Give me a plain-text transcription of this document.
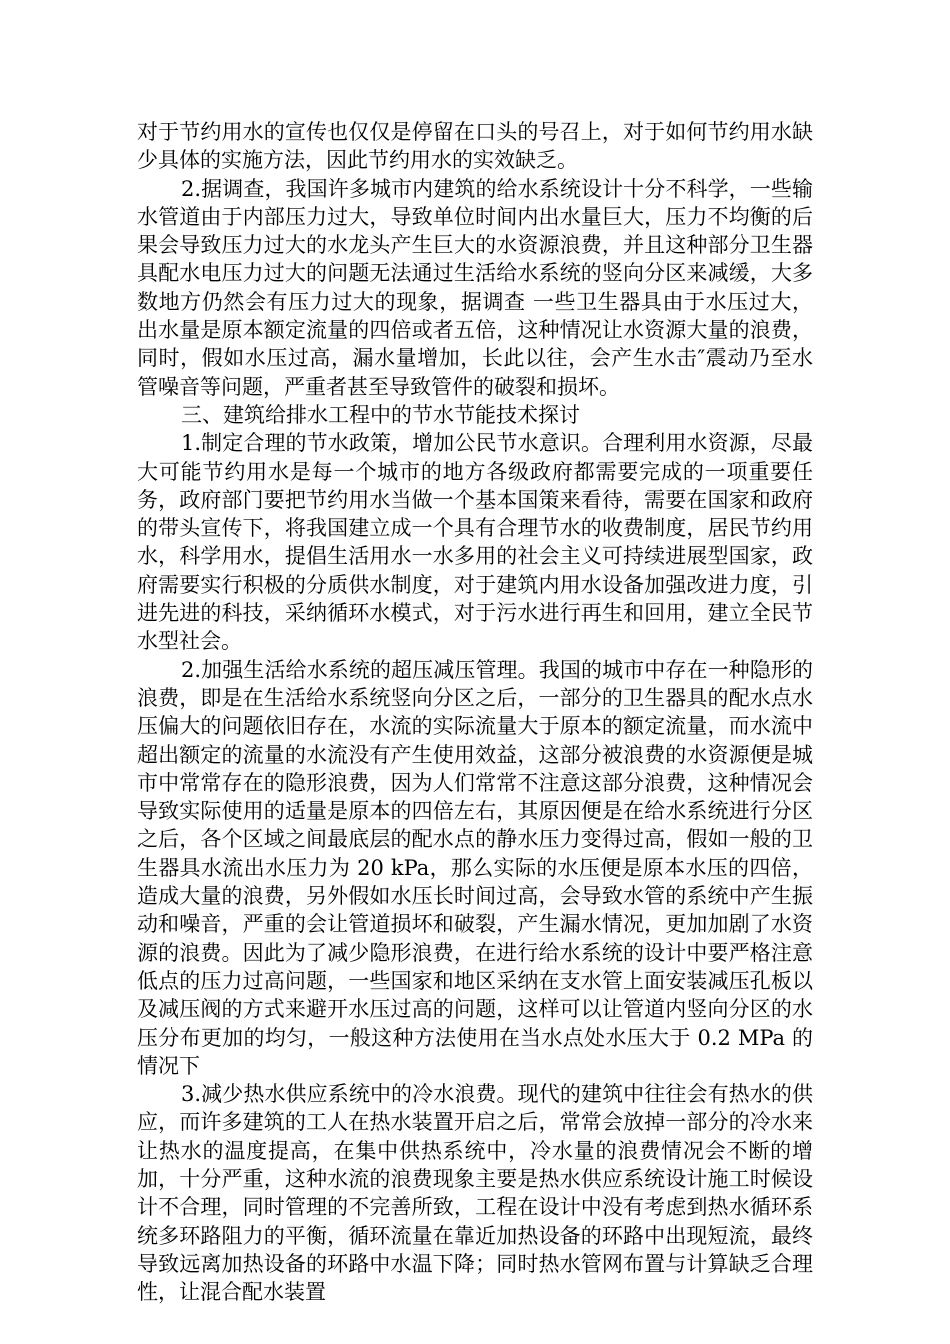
对于节约用水的宣传也仅仅是停留在口头的号召上，对于如何节约用水缺少具体的实施方法，因此节约用水的实效缺乏。

2.据调查，我国许多城市内建筑的给水系统设计十分不科学，一些输水管道由于内部压力过大，导致单位时间内出水量巨大，压力不均衡的后果会导致压力过大的水龙头产生巨大的水资源浪费，并且这种部分卫生器具配水电压力过大的问题无法通过生活给水系统的竖向分区来减缓，大多数地方仍然会有压力过大的现象，据调查 一些卫生器具由于水压过大，出水量是原本额定流量的四倍或者五倍，这种情况让水资源大量的浪费，同时，假如水压过高，漏水量增加，长此以往，会产生水击″震动乃至水管噪音等问题，严重者甚至导致管件的破裂和损坏。

三、建筑给排水工程中的节水节能技术探讨

1.制定合理的节水政策，增加公民节水意识。合理利用水资源，尽最大可能节约用水是每一个城市的地方各级政府都需要完成的一项重要任务，政府部门要把节约用水当做一个基本国策来看待，需要在国家和政府的带头宣传下，将我国建立成一个具有合理节水的收费制度，居民节约用水，科学用水，提倡生活用水一水多用的社会主义可持续进展型国家，政府需要实行积极的分质供水制度，对于建筑内用水设备加强改进力度，引进先进的科技，采纳循环水模式，对于污水进行再生和回用，建立全民节水型社会。

2.加强生活给水系统的超压减压管理。我国的城市中存在一种隐形的浪费，即是在生活给水系统竖向分区之后，一部分的卫生器具的配水点水压偏大的问题依旧存在，水流的实际流量大于原本的额定流量，而水流中超出额定的流量的水流没有产生使用效益，这部分被浪费的水资源便是城市中常常存在的隐形浪费，因为人们常常不注意这部分浪费，这种情况会导致实际使用的适量是原本的四倍左右，其原因便是在给水系统进行分区之后，各个区域之间最底层的配水点的静水压力变得过高，假如一般的卫生器具水流出水压力为 20 kPa，那么实际的水压便是原本水压的四倍，造成大量的浪费，另外假如水压长时间过高，会导致水管的系统中产生振动和噪音，严重的会让管道损坏和破裂，产生漏水情况，更加加剧了水资源的浪费。因此为了减少隐形浪费，在进行给水系统的设计中要严格注意低点的压力过高问题，一些国家和地区采纳在支水管上面安装减压孔板以及减压阀的方式来避开水压过高的问题，这样可以让管道内竖向分区的水压分布更加的均匀，一般这种方法使用在当水点处水压大于 0.2 MPa 的情况下

3.减少热水供应系统中的冷水浪费。现代的建筑中往往会有热水的供应，而许多建筑的工人在热水装置开启之后，常常会放掉一部分的冷水来让热水的温度提高，在集中供热系统中，冷水量的浪费情况会不断的增加，十分严重，这种水流的浪费现象主要是热水供应系统设计施工时候设计不合理，同时管理的不完善所致，工程在设计中没有考虑到热水循环系统多环路阻力的平衡，循环流量在靠近加热设备的环路中出现短流，最终导致远离加热设备的环路中水温下降；同时热水管网布置与计算缺乏合理性，让混合配水装置
